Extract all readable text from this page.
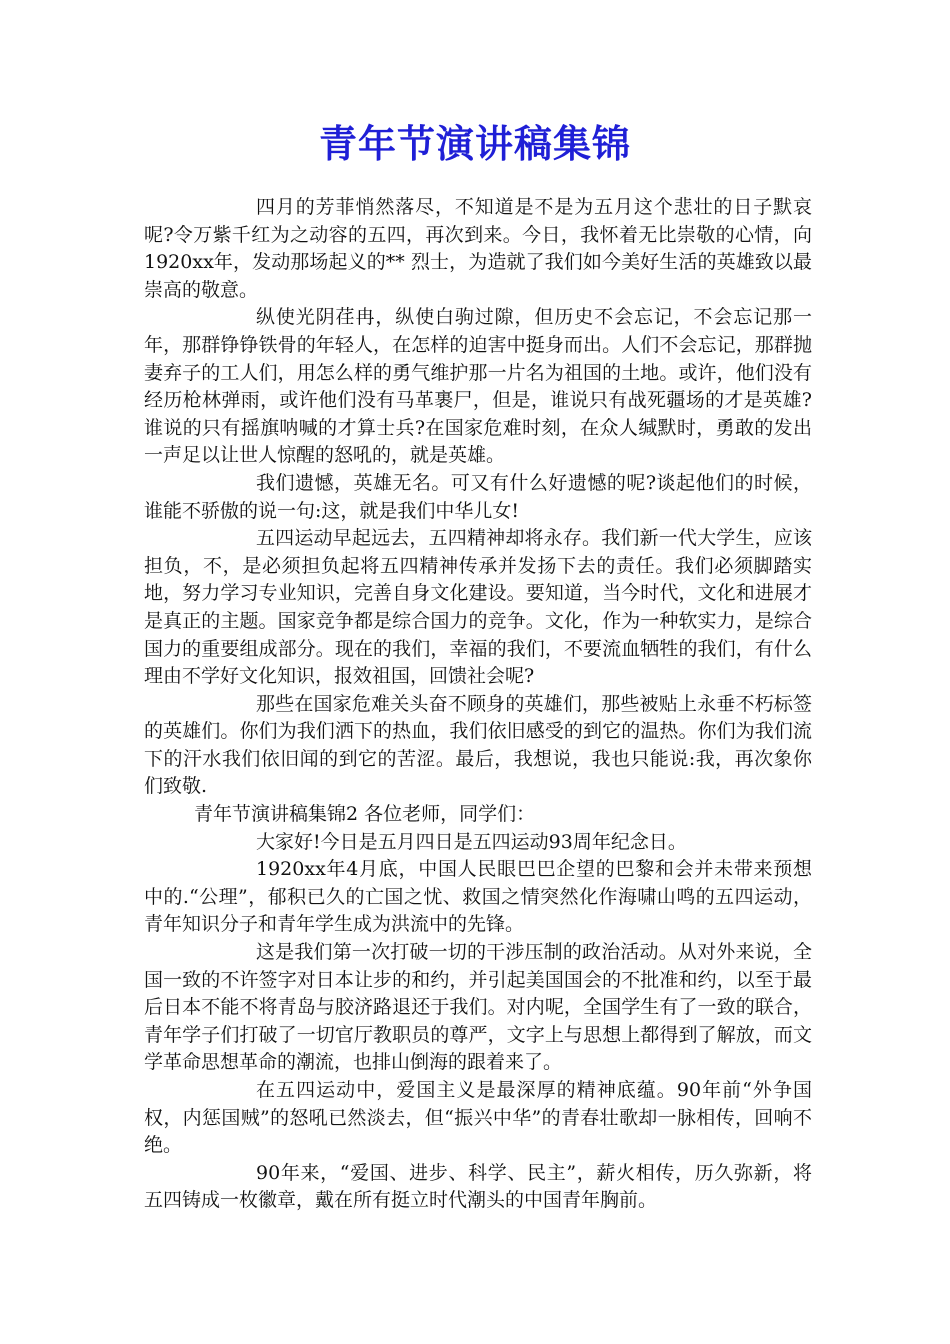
青年节演讲稿集锦

四月的芳菲悄然落尽，不知道是不是为五月这个悲壮的日子默哀呢?令万紫千红为之动容的五四，再次到来。今日，我怀着无比崇敬的心情，向1920xx年，发动那场起义的** 烈士，为造就了我们如今美好生活的英雄致以最崇高的敬意。

纵使光阴荏冉，纵使白驹过隙，但历史不会忘记，不会忘记那一年，那群铮铮铁骨的年轻人，在怎样的迫害中挺身而出。人们不会忘记，那群抛妻弃子的工人们，用怎么样的勇气维护那一片名为祖国的土地。或许，他们没有经历枪林弹雨，或许他们没有马革裹尸，但是，谁说只有战死疆场的才是英雄?谁说的只有摇旗呐喊的才算士兵?在国家危难时刻，在众人缄默时，勇敢的发出一声足以让世人惊醒的怒吼的，就是英雄。

我们遗憾，英雄无名。可又有什么好遗憾的呢?谈起他们的时候，谁能不骄傲的说一句:这，就是我们中华儿女!

五四运动早起远去，五四精神却将永存。我们新一代大学生，应该担负，不，是必须担负起将五四精神传承并发扬下去的责任。我们必须脚踏实地，努力学习专业知识，完善自身文化建设。要知道，当今时代，文化和进展才是真正的主题。国家竞争都是综合国力的竞争。文化，作为一种软实力，是综合国力的重要组成部分。现在的我们，幸福的我们，不要流血牺牲的我们，有什么理由不学好文化知识，报效祖国，回馈社会呢?

那些在国家危难关头奋不顾身的英雄们，那些被贴上永垂不朽标签的英雄们。你们为我们洒下的热血，我们依旧感受的到它的温热。你们为我们流下的汗水我们依旧闻的到它的苦涩。最后，我想说，我也只能说:我，再次象你们致敬.

青年节演讲稿集锦2 各位老师，同学们：

大家好!今日是五月四日是五四运动93周年纪念日。

1920xx年4月底，中国人民眼巴巴企望的巴黎和会并未带来预想中的.“公理”，郁积已久的亡国之忧、救国之情突然化作海啸山鸣的五四运动，青年知识分子和青年学生成为洪流中的先锋。

这是我们第一次打破一切的干涉压制的政治活动。从对外来说，全国一致的不许签字对日本让步的和约，并引起美国国会的不批准和约，以至于最后日本不能不将青岛与胶济路退还于我们。对内呢，全国学生有了一致的联合，青年学子们打破了一切官厅教职员的尊严，文字上与思想上都得到了解放，而文学革命思想革命的潮流，也排山倒海的跟着来了。

在五四运动中，爱国主义是最深厚的精神底蕴。90年前“外争国权，内惩国贼”的怒吼已然淡去，但“振兴中华”的青春壮歌却一脉相传，回响不绝。

90年来，“爱国、进步、科学、民主”，薪火相传，历久弥新，将五四铸成一枚徽章，戴在所有挺立时代潮头的中国青年胸前。
